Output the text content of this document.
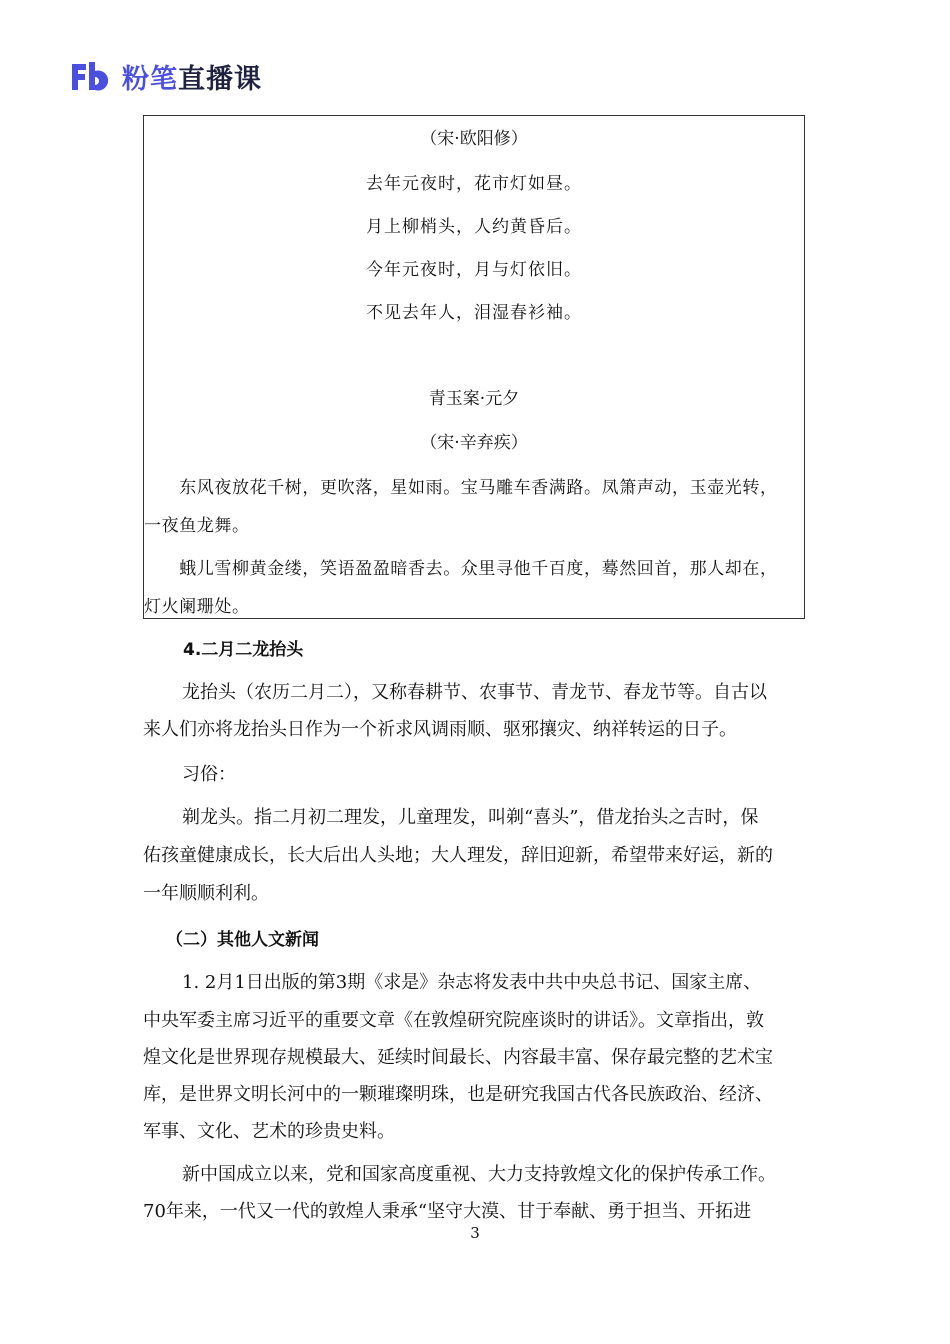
粉笔直播课
（宋·欧阳修）
去年元夜时，花市灯如昼。
月上柳梢头，人约黄昏后。
今年元夜时，月与灯依旧。
不见去年人，泪湿春衫袖。
青玉案·元夕
（宋·辛弃疾）
　　东风夜放花千树，更吹落，星如雨。宝马雕车香满路。凤箫声动，玉壶光转，
一夜鱼龙舞。
　　蛾儿雪柳黄金缕，笑语盈盈暗香去。众里寻他千百度，蓦然回首，那人却在，
灯火阑珊处。
4.二月二龙抬头
龙抬头（农历二月二），又称春耕节、农事节、青龙节、春龙节等。自古以
来人们亦将龙抬头日作为一个祈求风调雨顺、驱邪攘灾、纳祥转运的日子。
习俗：
剃龙头。指二月初二理发，儿童理发，叫剃“喜头”，借龙抬头之吉时，保
佑孩童健康成长，长大后出人头地；大人理发，辞旧迎新，希望带来好运，新的
一年顺顺利利。
（二）其他人文新闻
1. 2月1日出版的第3期《求是》杂志将发表中共中央总书记、国家主席、
中央军委主席习近平的重要文章《在敦煌研究院座谈时的讲话》。文章指出，敦
煌文化是世界现存规模最大、延续时间最长、内容最丰富、保存最完整的艺术宝
库，是世界文明长河中的一颗璀璨明珠，也是研究我国古代各民族政治、经济、
军事、文化、艺术的珍贵史料。
新中国成立以来，党和国家高度重视、大力支持敦煌文化的保护传承工作。
70年来，一代又一代的敦煌人秉承“坚守大漠、甘于奉献、勇于担当、开拓进
3
